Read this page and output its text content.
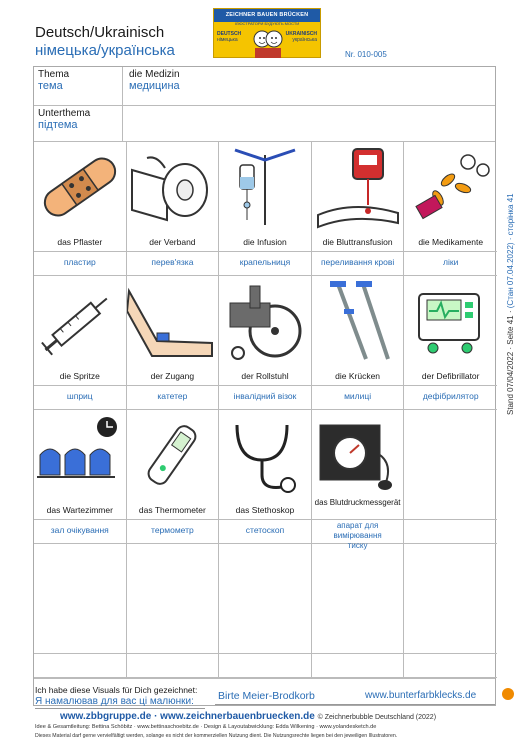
Deutsch/Ukrainisch
німецька/українська
ZEICHNER BAUEN BRÜCKEN
ІЛЮСТРАТОРИ БУДУЮТЬ МОСТИ
DEUTSCH
німецька
UKRAINISCH
українська
Nr. 010-005
Thema
тема
die Medizin
медицина
Unterthema
підтема
das Pflaster
пластир
der Verband
перев'язка
die Infusion
крапельниця
die Bluttransfusion
переливання крові
die Medikamente
ліки
die Spritze
шприц
der Zugang
катетер
der Rollstuhl
інвалідний візок
die Krücken
милиці
der Defibrillator
дефібрилятор
das Wartezimmer
зал очікування
das Thermometer
термометр
das Stethoskop
стетоскоп
das Blutdruckmessgerät
апарат для вимірювання тиску
Ich habe diese Visuals für Dich gezeichnet:
Я намалював для вас ці малюнки: Birte Meier-Brodkorb	www.bunterfarbklecks.de
www.zbbgruppe.de · www.zeichnerbauenbruecken.de © Zeichnerbubble Deutschland (2022)
Idee & Gesamtleitung: Bettina Schöbitz · www.bettinaschoebitz.de · Design & Layoutabwicklung: Edda Wilkening · www.yolandesketch.de
Dieses Material darf gerne vervielfältigt werden, solange es nicht der kommerziellen Nutzung dient. Die Nutzungsrechte liegen bei den jeweiligen Illustratoren.
Stand 07/04/2022 · Seite 41 · (Стан 07.04.2022) · сторінка 41
